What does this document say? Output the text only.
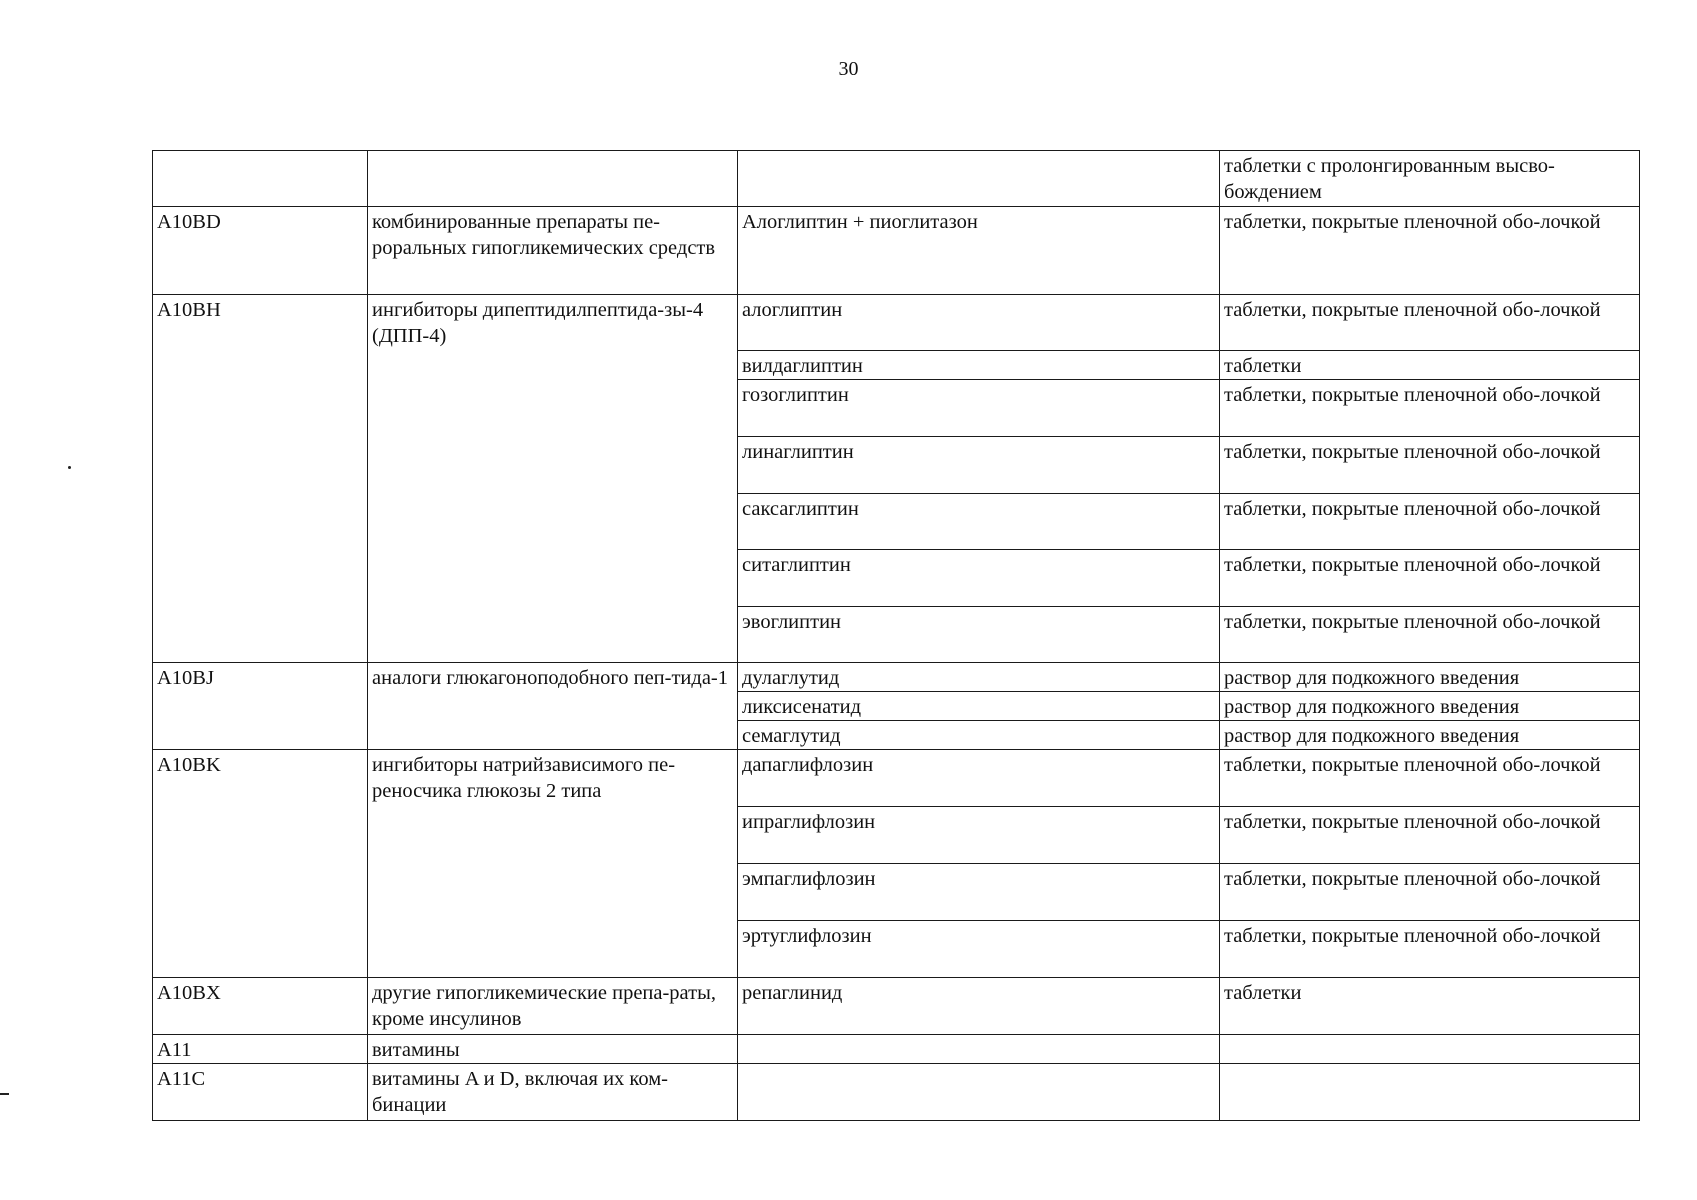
30
			таблетки с пролонгированным высво-бождением
A10BD	комбинированные препараты пе-роральных гипогликемических средств	Алоглиптин + пиоглитазон	таблетки, покрытые пленочной обо-лочкой
A10BH	ингибиторы дипептидилпептида-зы-4 (ДПП-4)	алоглиптин	таблетки, покрытые пленочной обо-лочкой
		вилдаглиптин	таблетки
		гозоглиптин	таблетки, покрытые пленочной обо-лочкой
		линаглиптин	таблетки, покрытые пленочной обо-лочкой
		саксаглиптин	таблетки, покрытые пленочной обо-лочкой
		ситаглиптин	таблетки, покрытые пленочной обо-лочкой
		эвоглиптин	таблетки, покрытые пленочной обо-лочкой
A10BJ	аналоги глюкагоноподобного пеп-тида-1	дулаглутид	раствор для подкожного введения
		ликсисенатид	раствор для подкожного введения
		семаглутид	раствор для подкожного введения
A10BK	ингибиторы натрийзависимого пе-реносчика глюкозы 2 типа	дапаглифлозин	таблетки, покрытые пленочной обо-лочкой
		ипраглифлозин	таблетки, покрытые пленочной обо-лочкой
		эмпаглифлозин	таблетки, покрытые пленочной обо-лочкой
		эртуглифлозин	таблетки, покрытые пленочной обо-лочкой
A10BX	другие гипогликемические препа-раты, кроме инсулинов	репаглинид	таблетки
A11	витамины		
A11C	витамины A и D, включая их ком-бинации		
